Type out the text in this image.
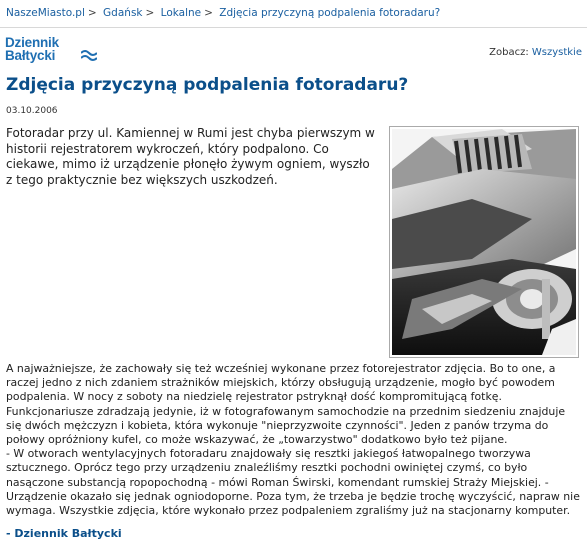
NaszeMiasto.pl > Gdańsk > Lokalne > Zdjęcia przyczyną podpalenia fotoradaru?
Dziennik
Bałtycki	Zobacz: Wszystkie
Zdjęcia przyczyną podpalenia fotoradaru?
03.10.2006
Fotoradar przy ul. Kamiennej w Rumi jest chyba pierwszym w historii rejestratorem wykroczeń, który podpalono. Co ciekawe, mimo iż urządzenie płonęło żywym ogniem, wyszło z tego praktycznie bez większych uszkodzeń.

A najważniejsze, że zachowały się też wcześniej wykonane przez fotorejestrator zdjęcia. Bo to one, a raczej jedno z nich zdaniem strażników miejskich, którzy obsługują urządzenie, mogło być powodem podpalenia. W nocy z soboty na niedzielę rejestrator pstryknął dość kompromitującą fotkę.

Funkcjonariusze zdradzają jedynie, iż w fotografowanym samochodzie na przednim siedzeniu znajduje się dwóch mężczyzn i kobieta, która wykonuje "nieprzyzwoite czynności". Jeden z panów trzyma do połowy opróżniony kufel, co może wskazywać, że „towarzystwo" dodatkowo było też pijane.

- W otworach wentylacyjnych fotoradaru znajdowały się resztki jakiegoś łatwopalnego tworzywa sztucznego. Oprócz tego przy urządzeniu znaleźliśmy resztki pochodni owiniętej czymś, co było nasączone substancją ropopochodną - mówi Roman Świrski, komendant rumskiej Straży Miejskiej. - Urządzenie okazało się jednak ogniodoporne. Poza tym, że trzeba je będzie trochę wyczyścić, napraw nie wymaga. Wszystkie zdjęcia, które wykonało przez podpaleniem zgraliśmy już na stacjonarny komputer.

- Dziennik Bałtycki
